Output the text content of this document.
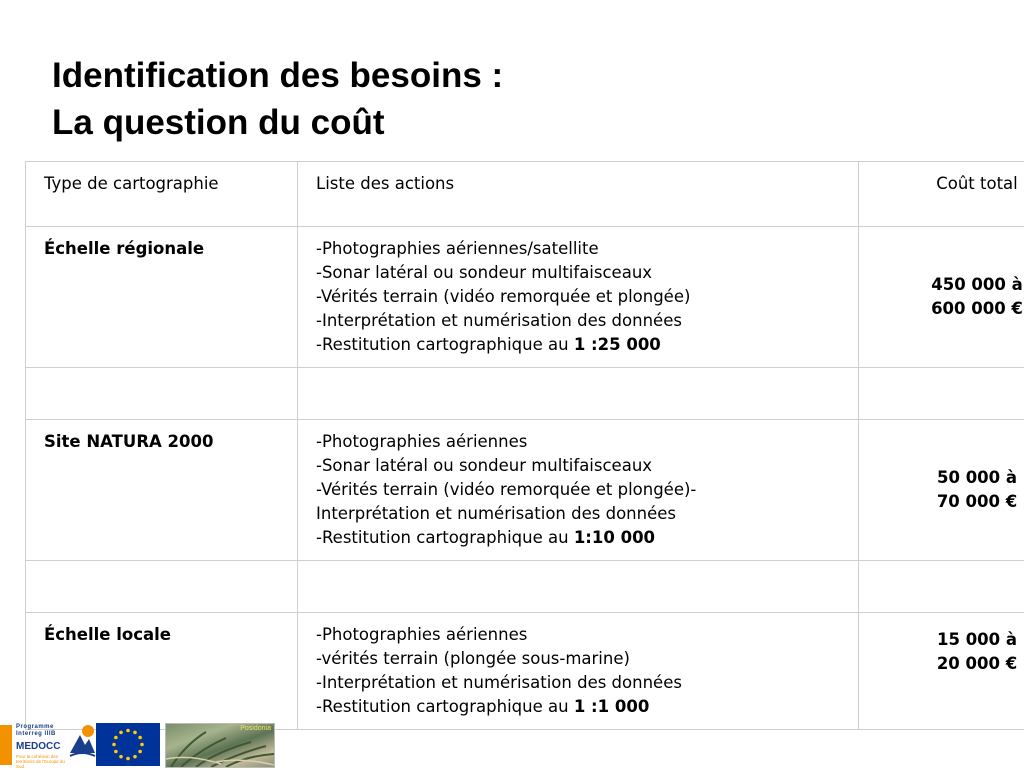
Identification des besoins :
La question du coût
Type de cartographie	Liste des actions	Coût total
Échelle régionale	-Photographies aériennes/satellite
-Sonar latéral ou sondeur multifaisceaux
-Vérités terrain (vidéo remorquée et plongée)
-Interprétation et numérisation des données
-Restitution cartographique au 1 :25 000	450 000 à
600 000 €

Site NATURA 2000	-Photographies aériennes
-Sonar latéral ou sondeur multifaisceaux
-Vérités terrain (vidéo remorquée et plongée)-
Interprétation et numérisation des données
-Restitution cartographique au 1:10 000	50 000 à
70 000 €

Échelle locale	-Photographies aériennes
-vérités terrain (plongée sous-marine)
-Interprétation et numérisation des données
-Restitution cartographique au 1 :1 000	15 000 à
20 000 €
Programme
Interreg IIIB
MEDOCC
Pour la cohésion des territoires de l'Europe du Sud
Posidonia
